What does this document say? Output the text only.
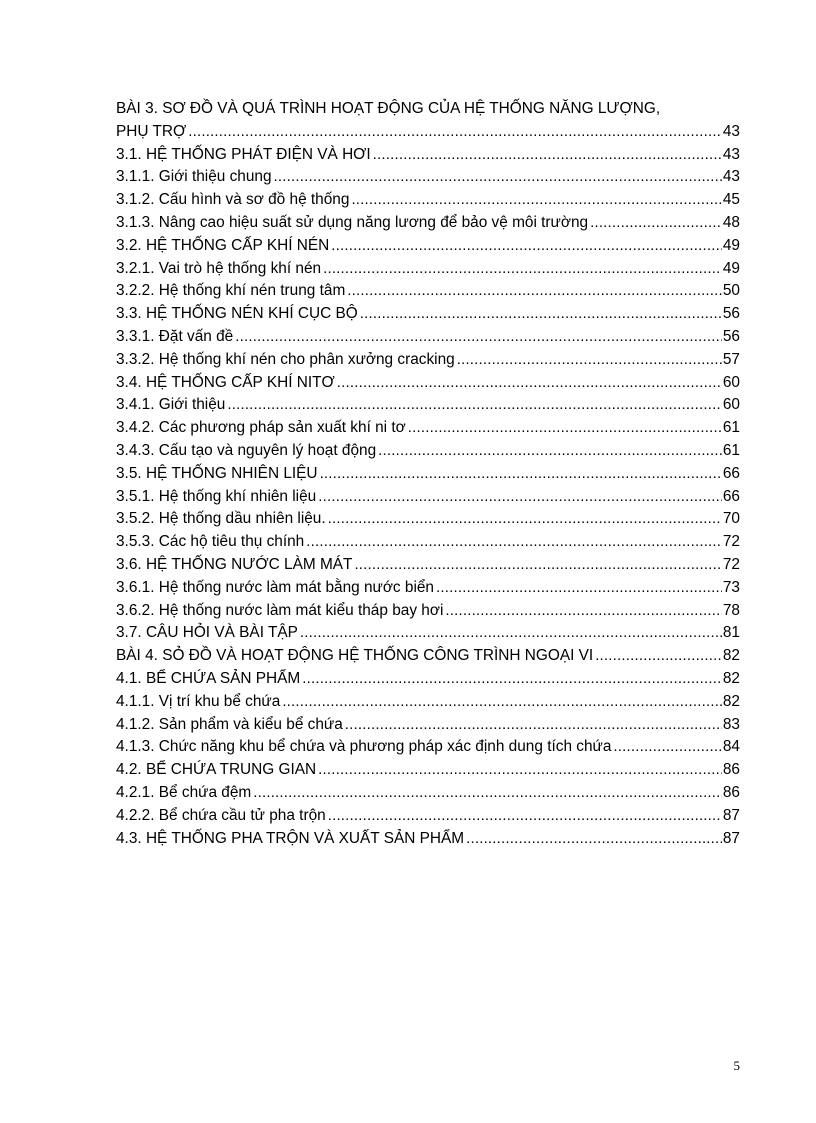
BÀI 3. SƠ ĐỒ VÀ QUÁ TRÌNH HOẠT ĐỘNG CỦA HỆ THỐNG NĂNG LƯỢNG,
PHỤ TRỢ .....	43
3.1. HỆ THỐNG PHÁT ĐIỆN VÀ HƠI .....	43
3.1.1. Giới thiệu chung .....	43
3.1.2. Cấu hình và sơ đồ hệ thống .....	45
3.1.3. Nâng cao hiệu suất sử dụng năng lương để bảo vệ môi trường .....	48
3.2. HỆ THỐNG CẤP KHÍ NÉN .....	49
3.2.1. Vai trò hệ thống khí nén .....	49
3.2.2. Hệ thống khí nén trung tâm .....	50
3.3. HỆ THỐNG NÉN KHÍ CỤC BỘ .....	56
3.3.1. Đặt vấn đề .....	56
3.3.2. Hệ thống khí nén cho phân xưởng cracking .....	57
3.4. HỆ THỐNG CẤP KHÍ NITƠ .....	60
3.4.1. Giới thiệu .....	60
3.4.2. Các phương pháp sản xuất khí ni tơ .....	61
3.4.3. Cấu tạo và nguyên lý hoạt động .....	61
3.5. HỆ THỐNG NHIÊN LIỆU .....	66
3.5.1. Hệ thống khí nhiên liệu .....	66
3.5.2. Hệ thống dầu nhiên liệu. .....	70
3.5.3. Các hộ tiêu thụ chính .....	72
3.6. HỆ THỐNG NƯỚC LÀM MÁT .....	72
3.6.1. Hệ thống nước làm mát bằng nước biển .....	73
3.6.2. Hệ thống nước làm mát kiểu tháp bay hơi .....	78
3.7. CÂU HỎI VÀ BÀI TẬP .....	81
BÀI 4. SỎ ĐỒ VÀ HOẠT ĐỘNG HỆ THỐNG CÔNG TRÌNH NGOẠI VI .....	82
4.1. BỂ CHỨA SẢN PHẨM .....	82
4.1.1. Vị trí khu bể chứa .....	82
4.1.2. Sản phẩm và kiểu bể chứa .....	83
4.1.3. Chức năng khu bể chứa và phương pháp xác định dung tích chứa .....	84
4.2. BỂ CHỨA TRUNG GIAN .....	86
4.2.1. Bể chứa đệm .....	86
4.2.2. Bể chứa cầu tử pha trộn .....	87
4.3. HỆ THỐNG PHA TRỘN VÀ XUẤT SẢN PHẨM .....	87
5
